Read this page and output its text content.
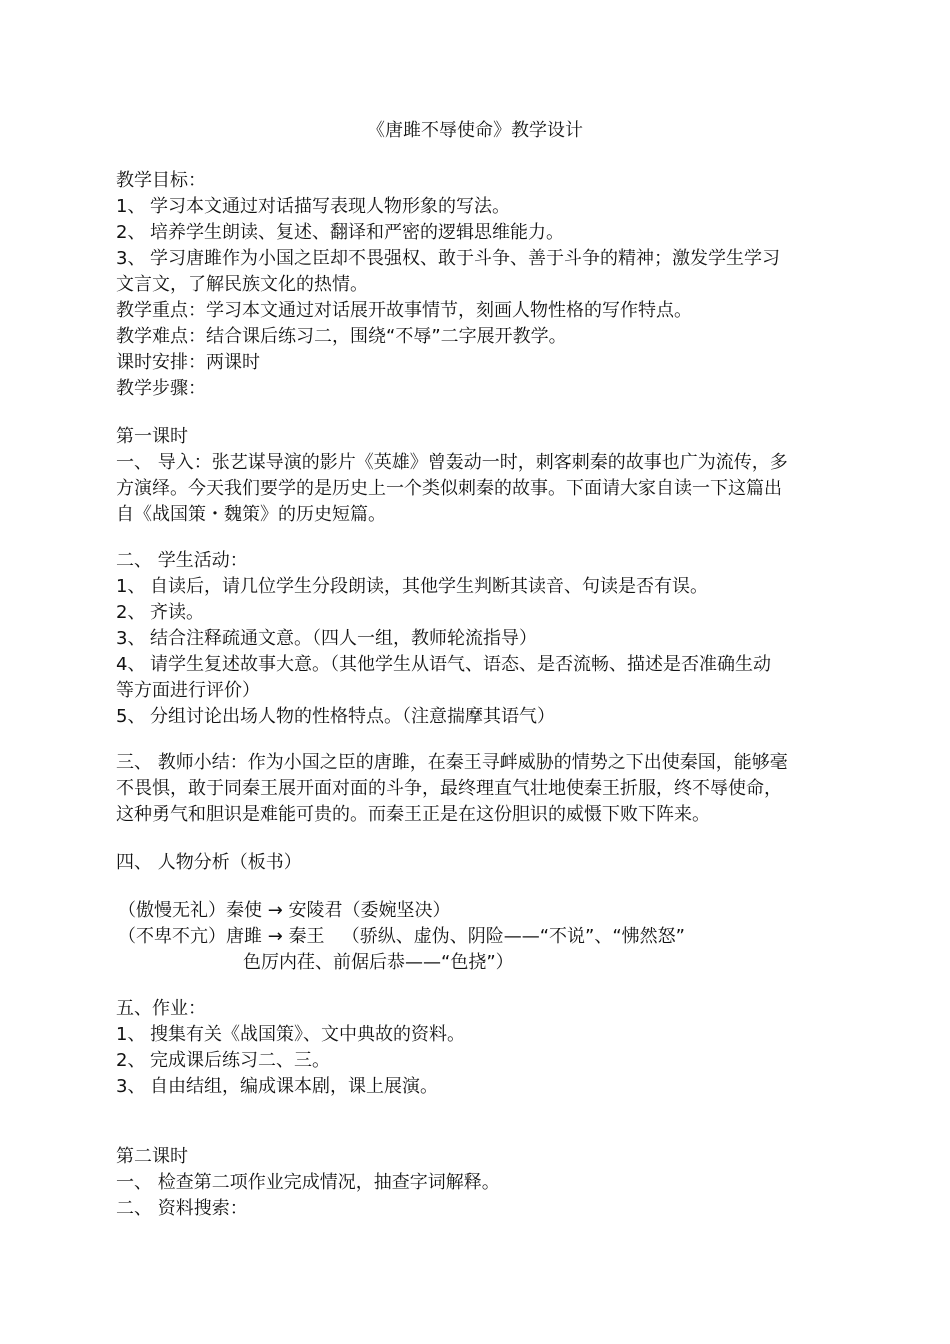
《唐雎不辱使命》教学设计
教学目标：
1、 学习本文通过对话描写表现人物形象的写法。
2、 培养学生朗读、复述、翻译和严密的逻辑思维能力。
3、 学习唐雎作为小国之臣却不畏强权、敢于斗争、善于斗争的精神；激发学生学习
文言文，了解民族文化的热情。
教学重点：学习本文通过对话展开故事情节，刻画人物性格的写作特点。
教学难点：结合课后练习二，围绕“不辱”二字展开教学。
课时安排：两课时
教学步骤：
第一课时
一、 导入：张艺谋导演的影片《英雄》曾轰动一时，刺客刺秦的故事也广为流传，多
方演绎。今天我们要学的是历史上一个类似刺秦的故事。下面请大家自读一下这篇出
自《战国策・魏策》的历史短篇。
二、 学生活动：
1、 自读后，请几位学生分段朗读，其他学生判断其读音、句读是否有误。
2、 齐读。
3、 结合注释疏通文意。（四人一组，教师轮流指导）
4、 请学生复述故事大意。（其他学生从语气、语态、是否流畅、描述是否准确生动
等方面进行评价）
5、 分组讨论出场人物的性格特点。（注意揣摩其语气）
三、 教师小结：作为小国之臣的唐雎，在秦王寻衅威胁的情势之下出使秦国，能够毫
不畏惧，敢于同秦王展开面对面的斗争，最终理直气壮地使秦王折服，终不辱使命，
这种勇气和胆识是难能可贵的。而秦王正是在这份胆识的威慑下败下阵来。
四、 人物分析（板书）
（傲慢无礼）秦使 → 安陵君（委婉坚决）
（不卑不亢）唐雎 → 秦王   （骄纵、虚伪、阴险——“不说”、“怫然怒”
色厉内荏、前倨后恭——“色挠”）
五、作业：
1、 搜集有关《战国策》、文中典故的资料。
2、 完成课后练习二、三。
3、 自由结组，编成课本剧，课上展演。
第二课时
一、 检查第二项作业完成情况，抽查字词解释。
二、 资料搜索：
